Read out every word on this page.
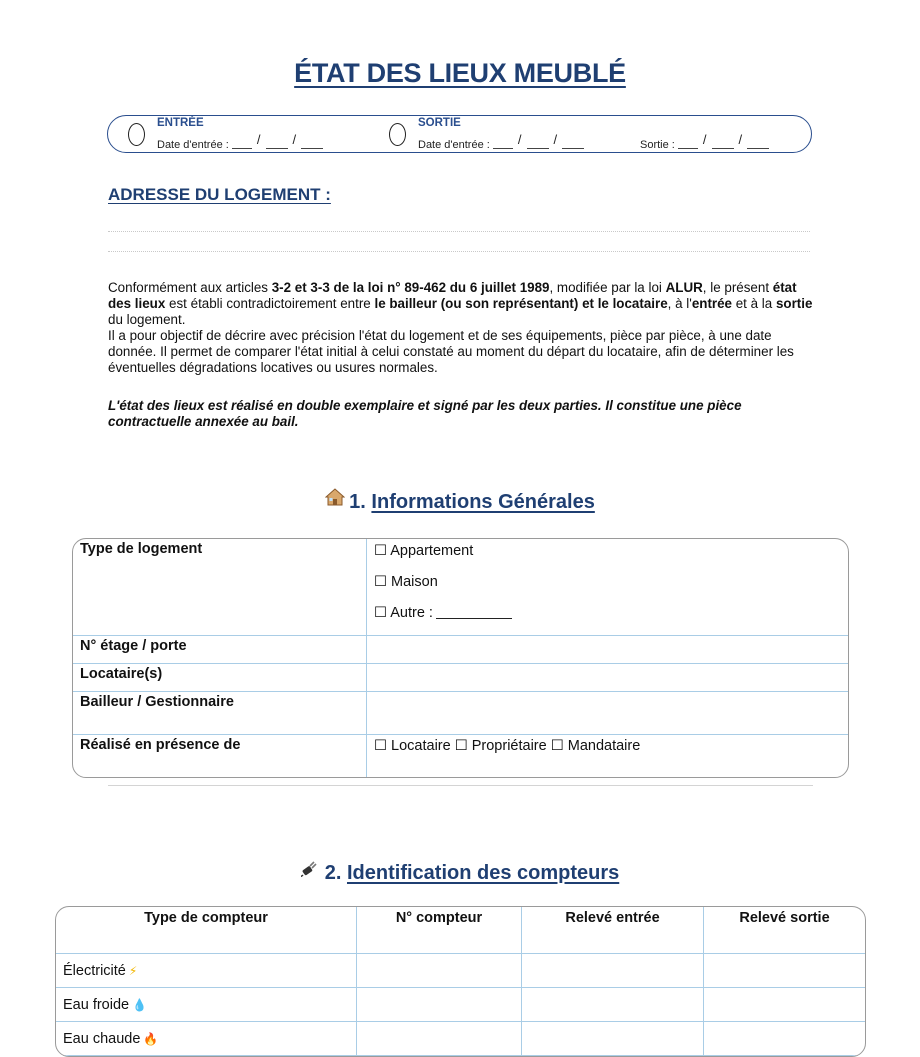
ÉTAT DES LIEUX MEUBLÉ
ENTRÉE
Date d'entrée : / /
SORTIE
Date d'entrée : / /	Sortie : / /
ADRESSE DU LOGEMENT :
Conformément aux articles 3-2 et 3-3 de la loi n° 89-462 du 6 juillet 1989, modifiée par la loi ALUR, le présent état des lieux est établi contradictoirement entre le bailleur (ou son représentant) et le locataire, à l'entrée et à la sortie du logement.
Il a pour objectif de décrire avec précision l'état du logement et de ses équipements, pièce par pièce, à une date donnée. Il permet de comparer l'état initial à celui constaté au moment du départ du locataire, afin de déterminer les éventuelles dégradations locatives ou usures normales.
L'état des lieux est réalisé en double exemplaire et signé par les deux parties. Il constitue une pièce contractuelle annexée au bail.
1. Informations Générales
Type de logement	☐ Appartement
☐ Maison
☐ Autre :

N° étage / porte	
Locataire(s)	
Bailleur / Gestionnaire	
Réalisé en présence de	☐ Locataire ☐ Propriétaire ☐ Mandataire
2. Identification des compteurs
Type de compteur	N° compteur	Relevé entrée	Relevé sortie
Électricité ⚡			
Eau froide 💧			
Eau chaude 🔥			
